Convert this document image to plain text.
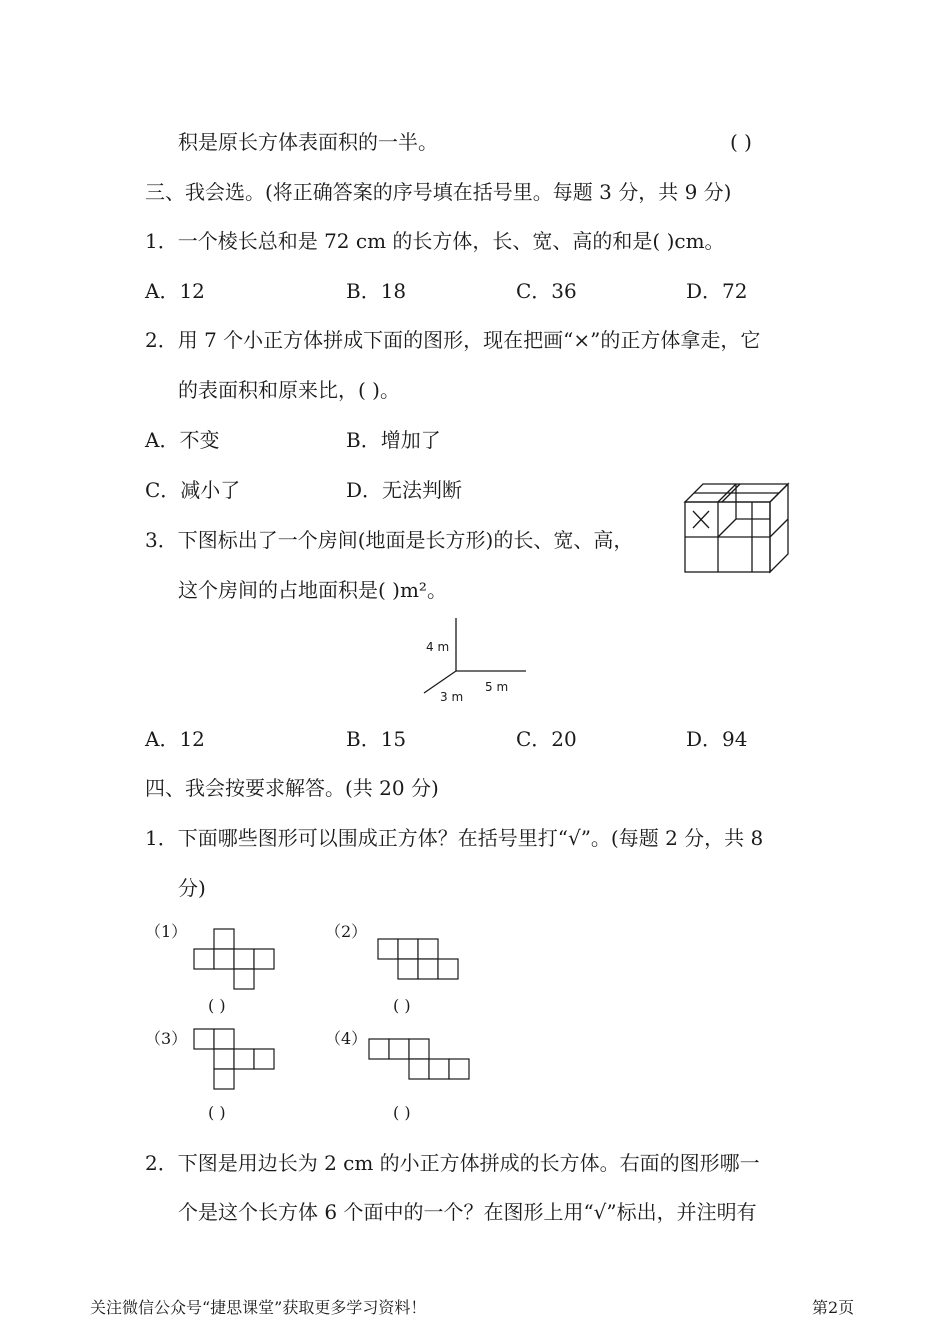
积是原长方体表面积的一半。	( )
三、我会选。(将正确答案的序号填在括号里。每题 3 分，共 9 分)
1．一个棱长总和是 72 cm 的长方体，长、宽、高的和是( )cm。
A．12	B．18	C．36	D．72
2．用 7 个小正方体拼成下面的图形，现在把画“×”的正方体拿走，它
的表面积和原来比，( )。
A．不变	B．增加了
C．减小了	D．无法判断
3．下图标出了一个房间(地面是长方形)的长、宽、高，
这个房间的占地面积是( )m²。
4 m
5 m
3 m
A．12	B．15	C．20	D．94
四、我会按要求解答。(共 20 分)
1．下面哪些图形可以围成正方体？在括号里打“√”。(每题 2 分，共 8
分)
（1）
( )
（2）
( )
（3）
( )
（4）
( )
2．下图是用边长为 2 cm 的小正方体拼成的长方体。右面的图形哪一
个是这个长方体 6 个面中的一个？在图形上用“√”标出，并注明有
关注微信公众号“捷思课堂”获取更多学习资料！	第2页
